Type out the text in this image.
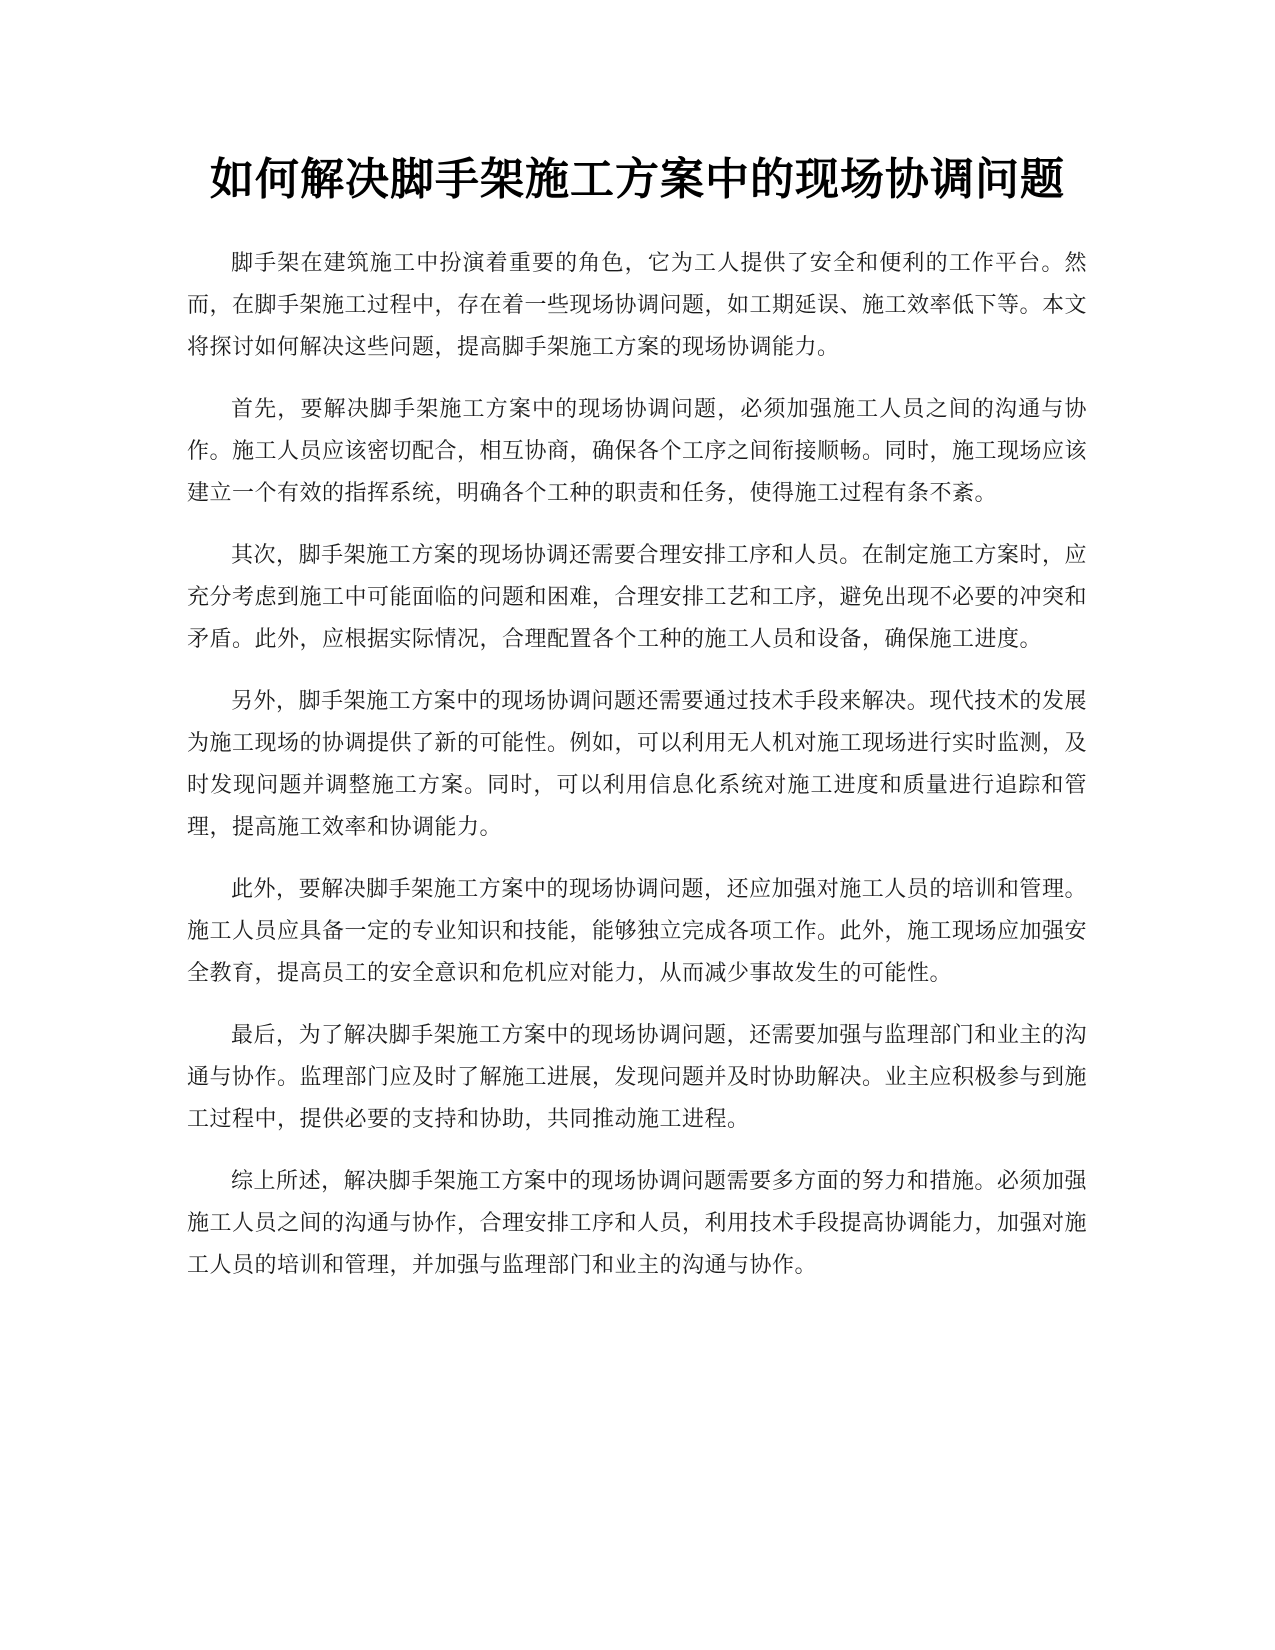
如何解决脚手架施工方案中的现场协调问题

脚手架在建筑施工中扮演着重要的角色，它为工人提供了安全和便利的工作平台。然而，在脚手架施工过程中，存在着一些现场协调问题，如工期延误、施工效率低下等。本文将探讨如何解决这些问题，提高脚手架施工方案的现场协调能力。

首先，要解决脚手架施工方案中的现场协调问题，必须加强施工人员之间的沟通与协作。施工人员应该密切配合，相互协商，确保各个工序之间衔接顺畅。同时，施工现场应该建立一个有效的指挥系统，明确各个工种的职责和任务，使得施工过程有条不紊。

其次，脚手架施工方案的现场协调还需要合理安排工序和人员。在制定施工方案时，应充分考虑到施工中可能面临的问题和困难，合理安排工艺和工序，避免出现不必要的冲突和矛盾。此外，应根据实际情况，合理配置各个工种的施工人员和设备，确保施工进度。

另外，脚手架施工方案中的现场协调问题还需要通过技术手段来解决。现代技术的发展为施工现场的协调提供了新的可能性。例如，可以利用无人机对施工现场进行实时监测，及时发现问题并调整施工方案。同时，可以利用信息化系统对施工进度和质量进行追踪和管理，提高施工效率和协调能力。

此外，要解决脚手架施工方案中的现场协调问题，还应加强对施工人员的培训和管理。施工人员应具备一定的专业知识和技能，能够独立完成各项工作。此外，施工现场应加强安全教育，提高员工的安全意识和危机应对能力，从而减少事故发生的可能性。

最后，为了解决脚手架施工方案中的现场协调问题，还需要加强与监理部门和业主的沟通与协作。监理部门应及时了解施工进展，发现问题并及时协助解决。业主应积极参与到施工过程中，提供必要的支持和协助，共同推动施工进程。

综上所述，解决脚手架施工方案中的现场协调问题需要多方面的努力和措施。必须加强施工人员之间的沟通与协作，合理安排工序和人员，利用技术手段提高协调能力，加强对施工人员的培训和管理，并加强与监理部门和业主的沟通与协作。
